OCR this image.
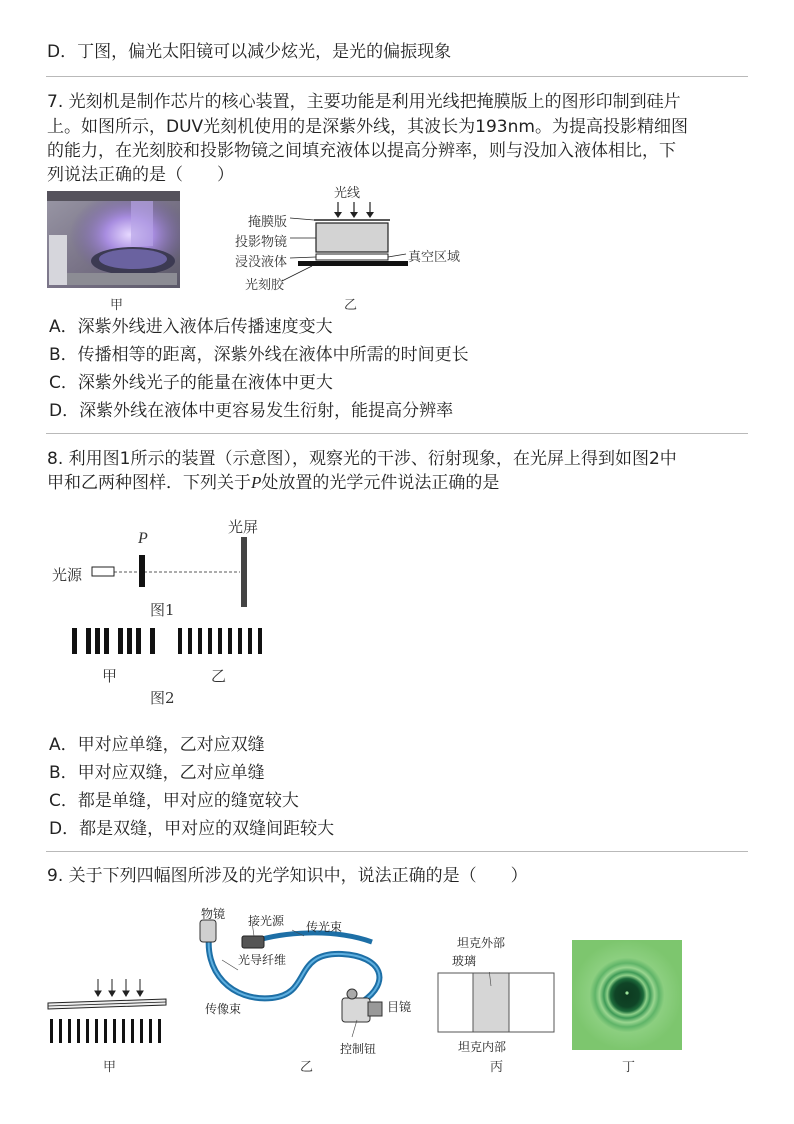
D．丁图，偏光太阳镜可以减少炫光，是光的偏振现象
7. 光刻机是制作芯片的核心装置，主要功能是利用光线把掩膜版上的图形印制到硅片
上。如图所示，DUV光刻机使用的是深紫外线，其波长为193nm。为提高投影精细图
的能力，在光刻胶和投影物镜之间填充液体以提高分辨率，则与没加入液体相比，下
列说法正确的是（　　）
甲
光线
掩膜版
投影物镜
浸没液体
光刻胶
真空区域
乙
A．深紫外线进入液体后传播速度变大
B．传播相等的距离，深紫外线在液体中所需的时间更长
C．深紫外线光子的能量在液体中更大
D．深紫外线在液体中更容易发生衍射，能提高分辨率
8. 利用图1所示的装置（示意图），观察光的干涉、衍射现象，在光屏上得到如图2中
甲和乙两种图样．下列关于P处放置的光学元件说法正确的是
光源
P
光屏
图1
甲	乙
图2
A．甲对应单缝，乙对应双缝
B．甲对应双缝，乙对应单缝
C．都是单缝，甲对应的缝宽较大
D．都是双缝，甲对应的双缝间距较大
9. 关于下列四幅图所涉及的光学知识中，说法正确的是（　　）
甲
物镜 接光源 传光束
光导纤维
传像束	目镜
控制钮
乙
坦克外部
玻璃
坦克内部
丙	丁
